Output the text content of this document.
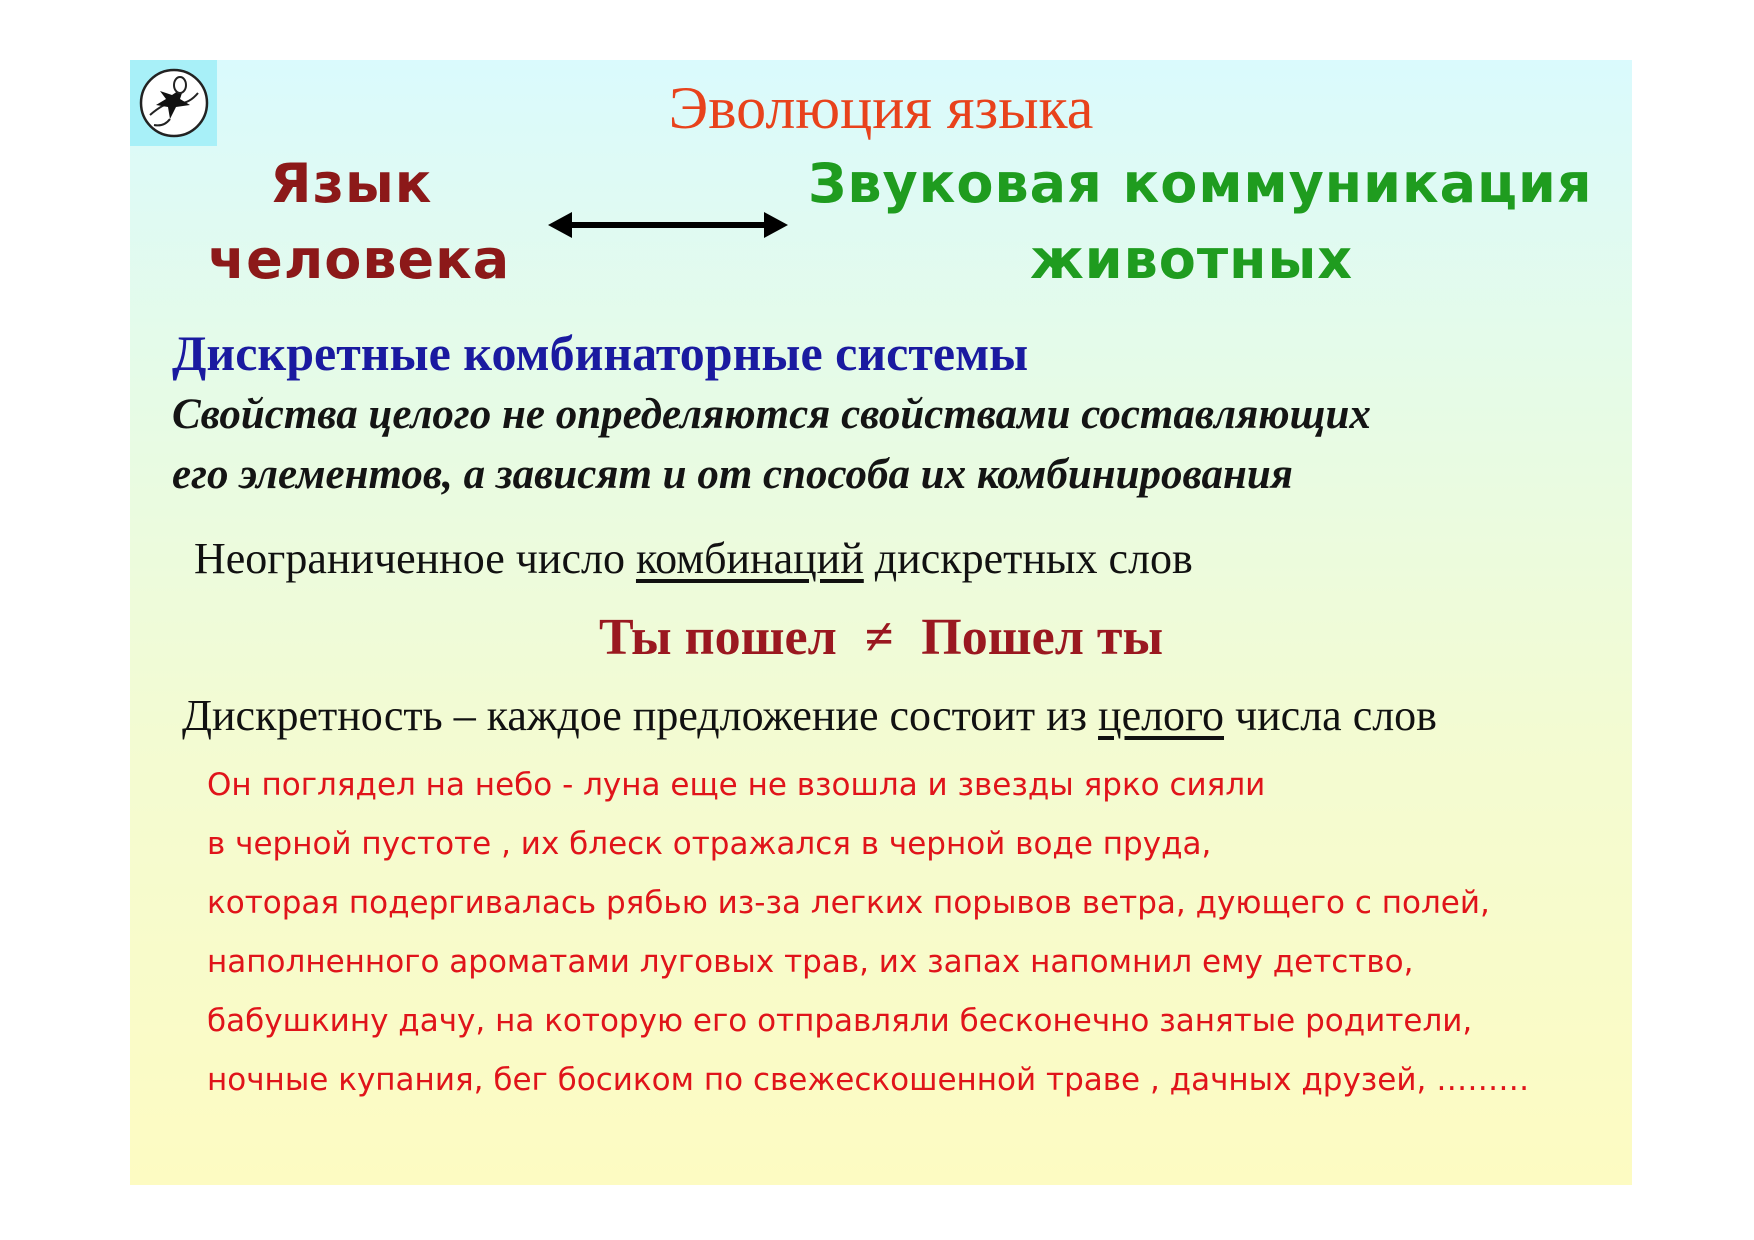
Эволюция языка
Язык
человека
Звуковая коммуникация
животных
Дискретные комбинаторные системы
Свойства целого не определяются свойствами составляющих
его элементов, а зависят и от способа их комбинирования
Неограниченное число комбинаций дискретных слов
Ты пошел ≠ Пошел ты
Дискретность – каждое предложение состоит из целого числа слов
Он поглядел на небо - луна еще не взошла и звезды ярко сияли
в черной пустоте , их блеск отражался в черной воде пруда,
которая подергивалась рябью из-за легких порывов ветра, дующего с полей,
наполненного ароматами луговых трав, их запах напомнил ему детство,
бабушкину дачу, на которую его отправляли бесконечно занятые родители,
ночные купания, бег босиком по свежескошенной траве , дачных друзей, ………
